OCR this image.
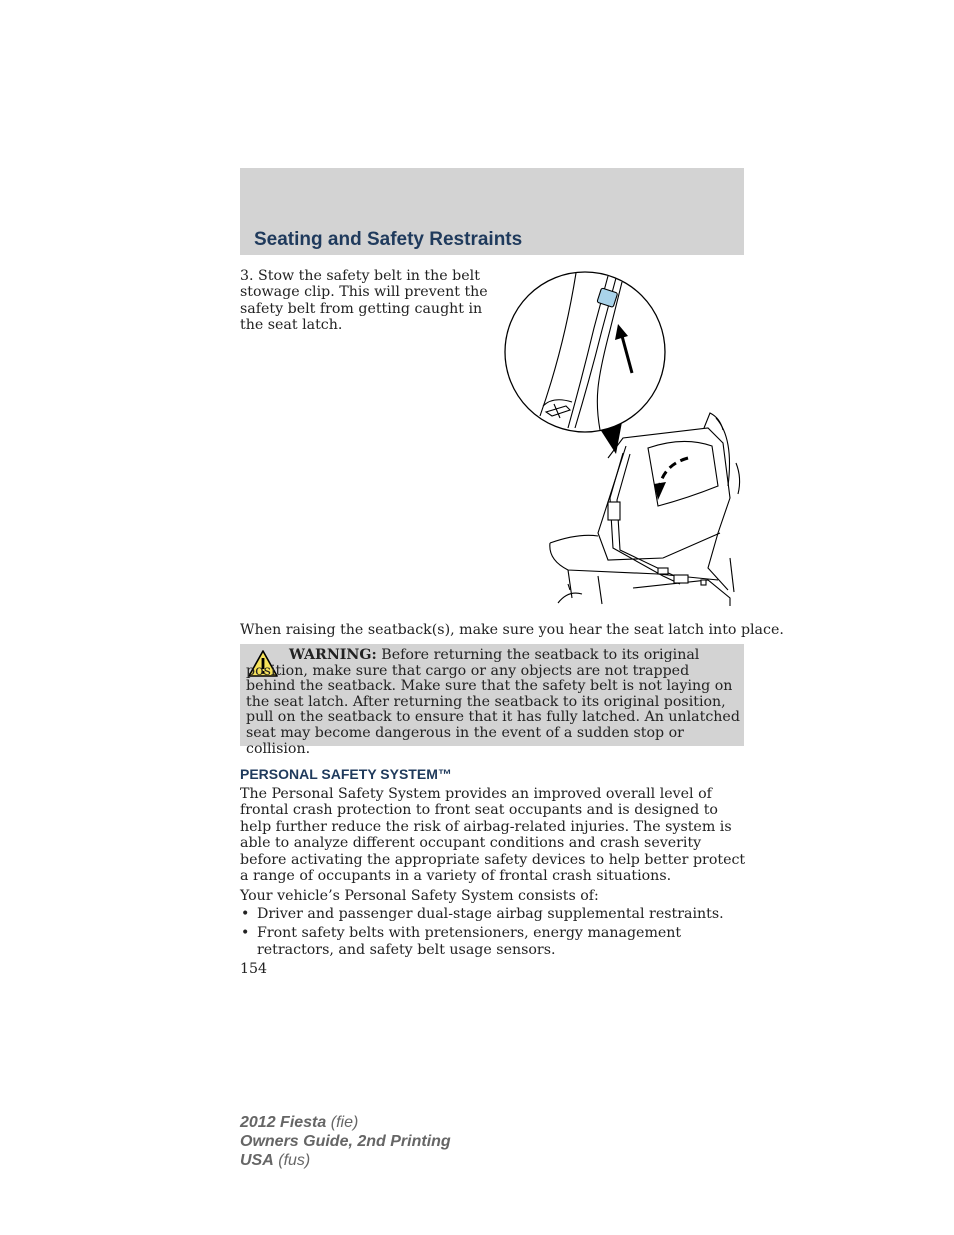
Seating and Safety Restraints

3. Stow the safety belt in the belt stowage clip. This will prevent the safety belt from getting caught in the seat latch.

When raising the seatback(s), make sure you hear the seat latch into place.

WARNING: Before returning the seatback to its original position, make sure that cargo or any objects are not trapped behind the seatback. Make sure that the safety belt is not laying on the seat latch. After returning the seatback to its original position, pull on the seatback to ensure that it has fully latched. An unlatched seat may become dangerous in the event of a sudden stop or collision.

PERSONAL SAFETY SYSTEM™

The Personal Safety System provides an improved overall level of frontal crash protection to front seat occupants and is designed to help further reduce the risk of airbag-related injuries. The system is able to analyze different occupant conditions and crash severity before activating the appropriate safety devices to help better protect a range of occupants in a variety of frontal crash situations.

Your vehicle’s Personal Safety System consists of:

• Driver and passenger dual-stage airbag supplemental restraints.
• Front safety belts with pretensioners, energy management retractors, and safety belt usage sensors.

154

2012 Fiesta (fie)
Owners Guide, 2nd Printing
USA (fus)
